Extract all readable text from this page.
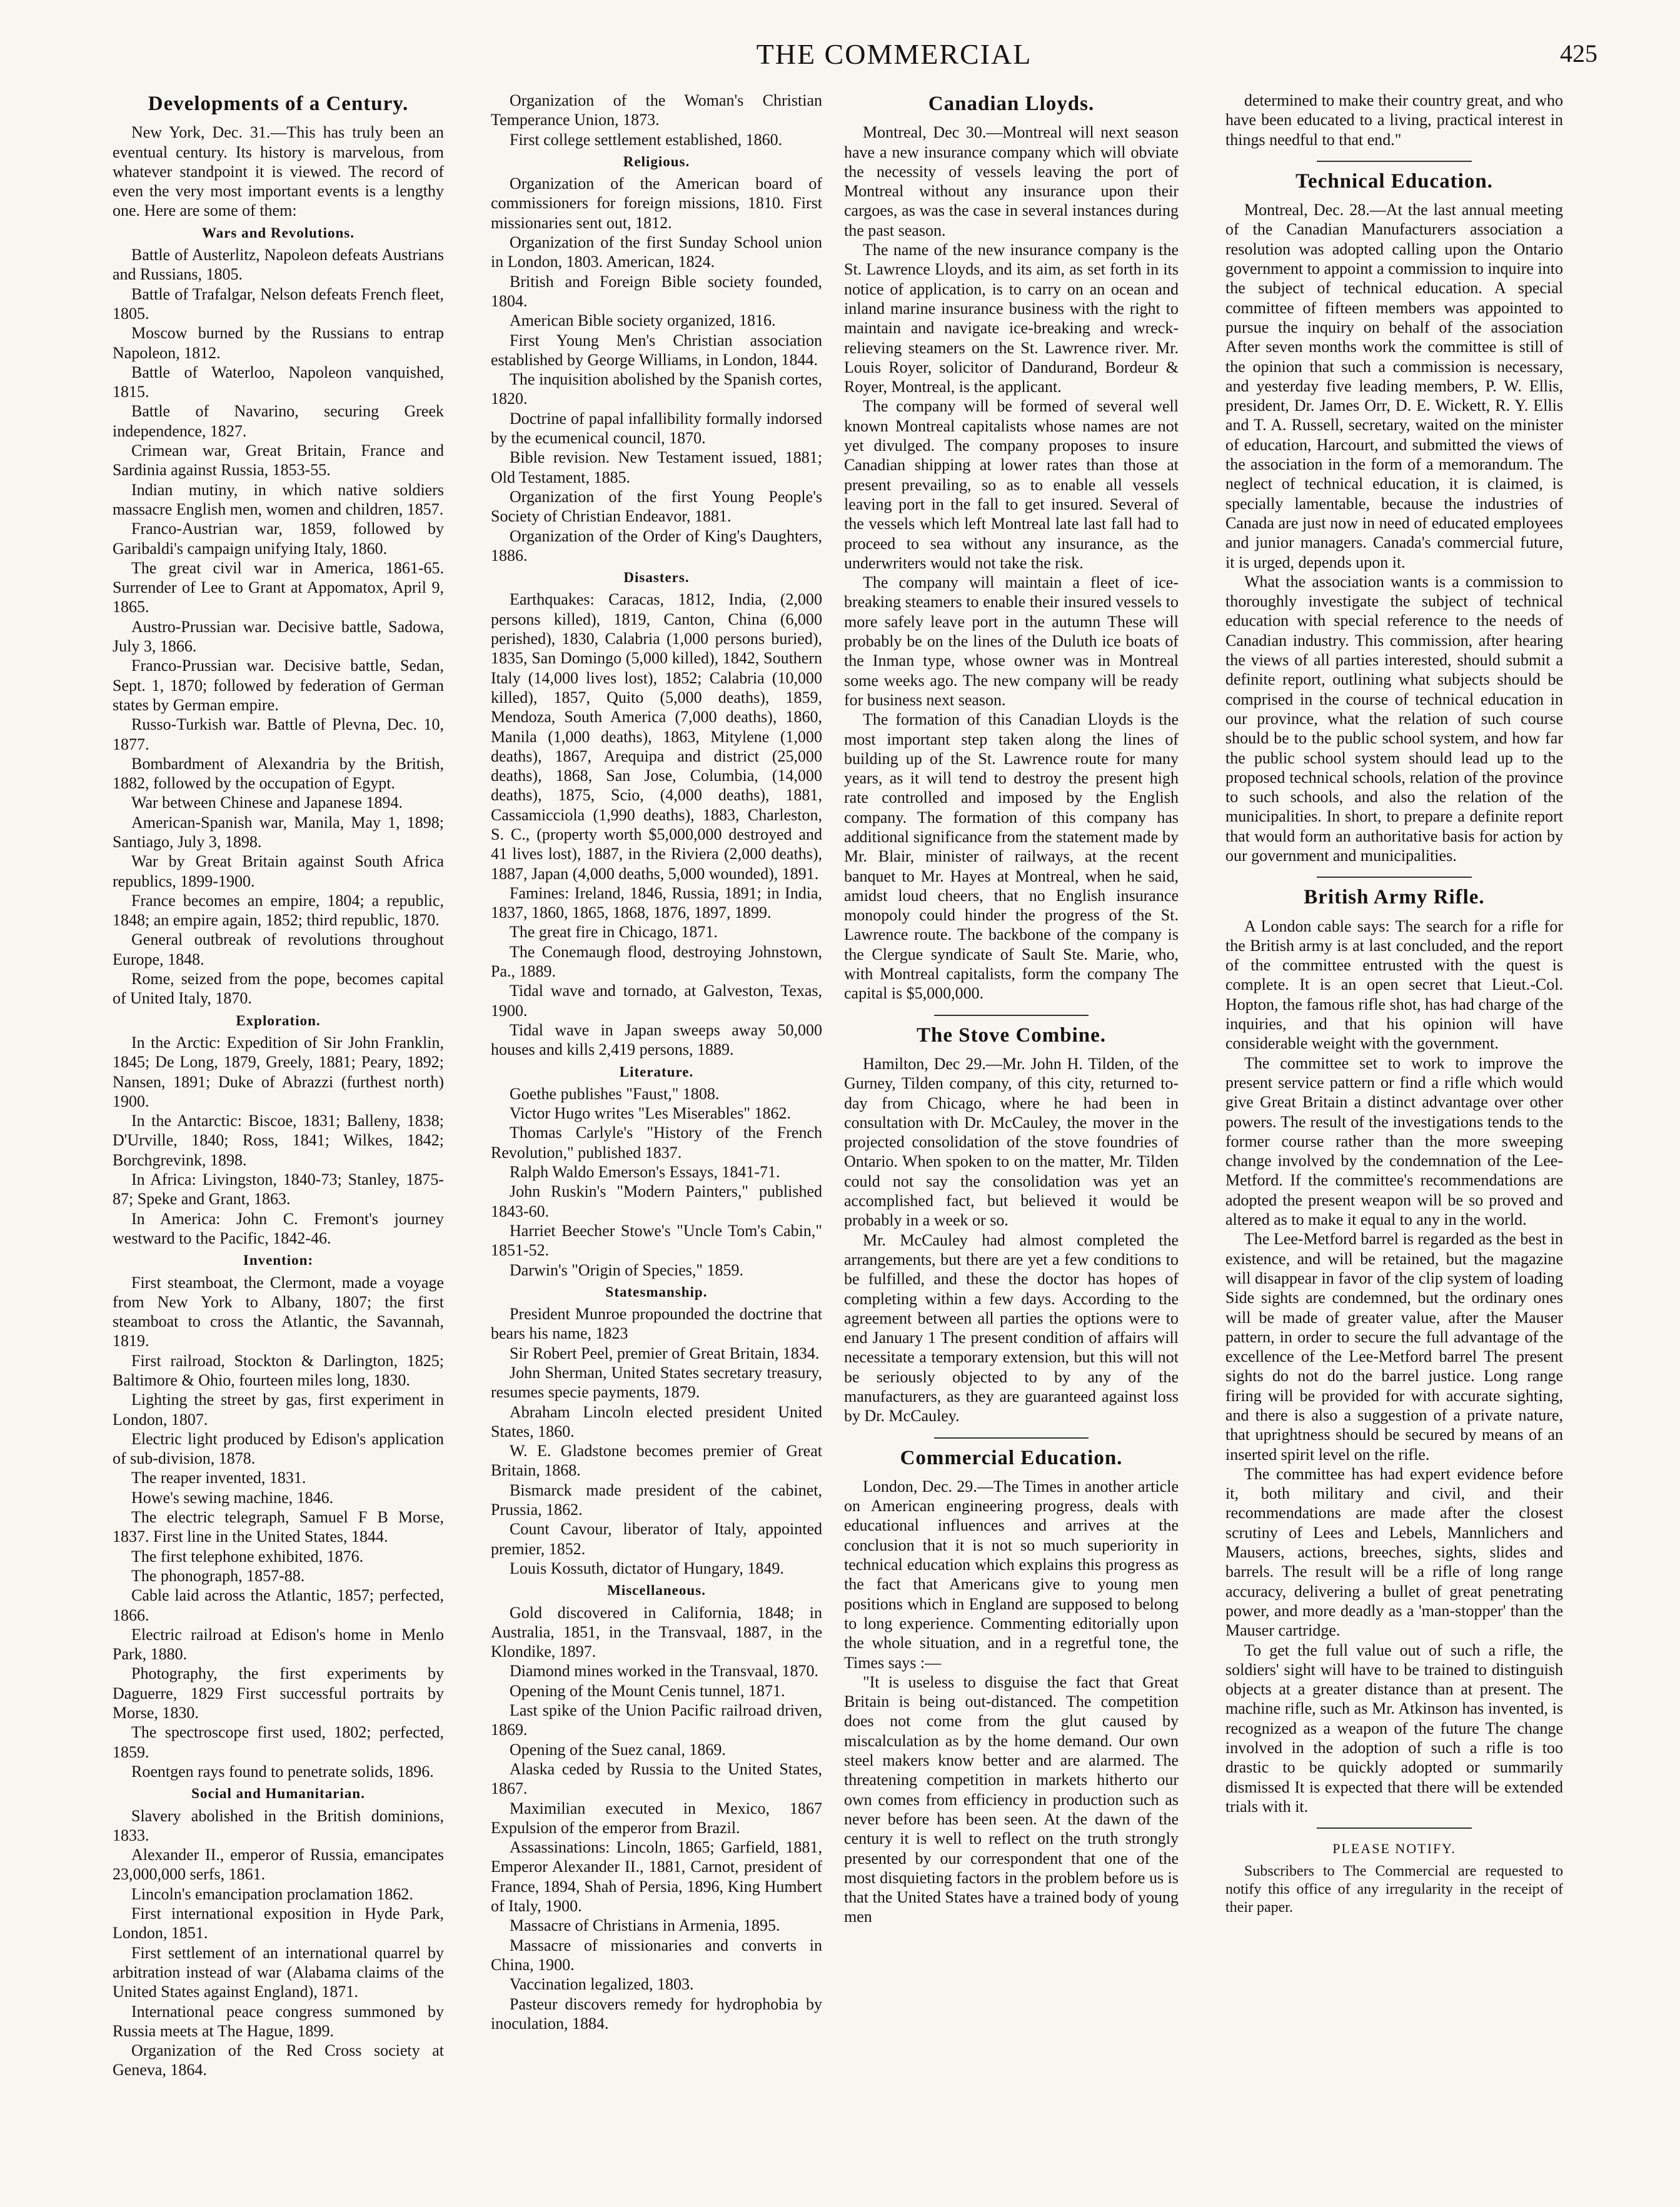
THE COMMERCIAL	425
Developments of a Century.

New York, Dec. 31.—This has truly been an eventual century. Its history is marvelous, from whatever standpoint it is viewed. The record of even the very most important events is a lengthy one. Here are some of them:

Wars and Revolutions.

Battle of Austerlitz, Napoleon defeats Austrians and Russians, 1805.

Battle of Trafalgar, Nelson defeats French fleet, 1805.

Moscow burned by the Russians to entrap Napoleon, 1812.

Battle of Waterloo, Napoleon vanquished, 1815.

Battle of Navarino, securing Greek independence, 1827.

Crimean war, Great Britain, France and Sardinia against Russia, 1853-55.

Indian mutiny, in which native soldiers massacre English men, women and children, 1857.

Franco-Austrian war, 1859, followed by Garibaldi's campaign unifying Italy, 1860.

The great civil war in America, 1861-65. Surrender of Lee to Grant at Appomatox, April 9, 1865.

Austro-Prussian war. Decisive battle, Sadowa, July 3, 1866.

Franco-Prussian war. Decisive battle, Sedan, Sept. 1, 1870; followed by federation of German states by German empire.

Russo-Turkish war. Battle of Plevna, Dec. 10, 1877.

Bombardment of Alexandria by the British, 1882, followed by the occupation of Egypt.

War between Chinese and Japanese 1894.

American-Spanish war, Manila, May 1, 1898; Santiago, July 3, 1898.

War by Great Britain against South Africa republics, 1899-1900.

France becomes an empire, 1804; a republic, 1848; an empire again, 1852; third republic, 1870.

General outbreak of revolutions throughout Europe, 1848.

Rome, seized from the pope, becomes capital of United Italy, 1870.

Exploration.

In the Arctic: Expedition of Sir John Franklin, 1845; De Long, 1879, Greely, 1881; Peary, 1892; Nansen, 1891; Duke of Abrazzi (furthest north) 1900.

In the Antarctic: Biscoe, 1831; Balleny, 1838; D'Urville, 1840; Ross, 1841; Wilkes, 1842; Borchgrevink, 1898.

In Africa: Livingston, 1840-73; Stanley, 1875-87; Speke and Grant, 1863.

In America: John C. Fremont's journey westward to the Pacific, 1842-46.

Invention:

First steamboat, the Clermont, made a voyage from New York to Albany, 1807; the first steamboat to cross the Atlantic, the Savannah, 1819.

First railroad, Stockton & Darlington, 1825; Baltimore & Ohio, fourteen miles long, 1830.

Lighting the street by gas, first experiment in London, 1807.

Electric light produced by Edison's application of sub-division, 1878.

The reaper invented, 1831.

Howe's sewing machine, 1846.

The electric telegraph, Samuel F B Morse, 1837. First line in the United States, 1844.

The first telephone exhibited, 1876.

The phonograph, 1857-88.

Cable laid across the Atlantic, 1857; perfected, 1866.

Electric railroad at Edison's home in Menlo Park, 1880.

Photography, the first experiments by Daguerre, 1829 First successful portraits by Morse, 1830.

The spectroscope first used, 1802; perfected, 1859.

Roentgen rays found to penetrate solids, 1896.

Social and Humanitarian.

Slavery abolished in the British dominions, 1833.

Alexander II., emperor of Russia, emancipates 23,000,000 serfs, 1861.

Lincoln's emancipation proclamation 1862.

First international exposition in Hyde Park, London, 1851.

First settlement of an international quarrel by arbitration instead of war (Alabama claims of the United States against England), 1871.

International peace congress summoned by Russia meets at The Hague, 1899.

Organization of the Red Cross society at Geneva, 1864.

Organization of the Woman's Christian Temperance Union, 1873.

First college settlement established, 1860.

Religious.

Organization of the American board of commissioners for foreign missions, 1810. First missionaries sent out, 1812.

Organization of the first Sunday School union in London, 1803. American, 1824.

British and Foreign Bible society founded, 1804.

American Bible society organized, 1816.

First Young Men's Christian association established by George Williams, in London, 1844.

The inquisition abolished by the Spanish cortes, 1820.

Doctrine of papal infallibility formally indorsed by the ecumenical council, 1870.

Bible revision. New Testament issued, 1881; Old Testament, 1885.

Organization of the first Young People's Society of Christian Endeavor, 1881.

Organization of the Order of King's Daughters, 1886.

Disasters.

Earthquakes: Caracas, 1812, India, (2,000 persons killed), 1819, Canton, China (6,000 perished), 1830, Calabria (1,000 persons buried), 1835, San Domingo (5,000 killed), 1842, Southern Italy (14,000 lives lost), 1852; Calabria (10,000 killed), 1857, Quito (5,000 deaths), 1859, Mendoza, South America (7,000 deaths), 1860, Manila (1,000 deaths), 1863, Mitylene (1,000 deaths), 1867, Arequipa and district (25,000 deaths), 1868, San Jose, Columbia, (14,000 deaths), 1875, Scio, (4,000 deaths), 1881, Cassamicciola (1,990 deaths), 1883, Charleston, S. C., (property worth $5,000,000 destroyed and 41 lives lost), 1887, in the Riviera (2,000 deaths), 1887, Japan (4,000 deaths, 5,000 wounded), 1891.

Famines: Ireland, 1846, Russia, 1891; in India, 1837, 1860, 1865, 1868, 1876, 1897, 1899.

The great fire in Chicago, 1871.

The Conemaugh flood, destroying Johnstown, Pa., 1889.

Tidal wave and tornado, at Galveston, Texas, 1900.

Tidal wave in Japan sweeps away 50,000 houses and kills 2,419 persons, 1889.

Literature.

Goethe publishes "Faust," 1808.

Victor Hugo writes "Les Miserables" 1862.

Thomas Carlyle's "History of the French Revolution," published 1837.

Ralph Waldo Emerson's Essays, 1841-71.

John Ruskin's "Modern Painters," published 1843-60.

Harriet Beecher Stowe's "Uncle Tom's Cabin," 1851-52.

Darwin's "Origin of Species," 1859.

Statesmanship.

President Munroe propounded the doctrine that bears his name, 1823

Sir Robert Peel, premier of Great Britain, 1834.

John Sherman, United States secretary treasury, resumes specie payments, 1879.

Abraham Lincoln elected president United States, 1860.

W. E. Gladstone becomes premier of Great Britain, 1868.

Bismarck made president of the cabinet, Prussia, 1862.

Count Cavour, liberator of Italy, appointed premier, 1852.

Louis Kossuth, dictator of Hungary, 1849.

Miscellaneous.

Gold discovered in California, 1848; in Australia, 1851, in the Transvaal, 1887, in the Klondike, 1897.

Diamond mines worked in the Transvaal, 1870.

Opening of the Mount Cenis tunnel, 1871.

Last spike of the Union Pacific railroad driven, 1869.

Opening of the Suez canal, 1869.

Alaska ceded by Russia to the United States, 1867.

Maximilian executed in Mexico, 1867 Expulsion of the emperor from Brazil.

Assassinations: Lincoln, 1865; Garfield, 1881, Emperor Alexander II., 1881, Carnot, president of France, 1894, Shah of Persia, 1896, King Humbert of Italy, 1900.

Massacre of Christians in Armenia, 1895.

Massacre of missionaries and converts in China, 1900.

Vaccination legalized, 1803.

Pasteur discovers remedy for hydrophobia by inoculation, 1884.

Canadian Lloyds.

Montreal, Dec 30.—Montreal will next season have a new insurance company which will obviate the necessity of vessels leaving the port of Montreal without any insurance upon their cargoes, as was the case in several instances during the past season.

The name of the new insurance company is the St. Lawrence Lloyds, and its aim, as set forth in its notice of application, is to carry on an ocean and inland marine insurance business with the right to maintain and navigate ice-breaking and wreck-relieving steamers on the St. Lawrence river. Mr. Louis Royer, solicitor of Dandurand, Bordeur & Royer, Montreal, is the applicant.

The company will be formed of several well known Montreal capitalists whose names are not yet divulged. The company proposes to insure Canadian shipping at lower rates than those at present prevailing, so as to enable all vessels leaving port in the fall to get insured. Several of the vessels which left Montreal late last fall had to proceed to sea without any insurance, as the underwriters would not take the risk.

The company will maintain a fleet of ice-breaking steamers to enable their insured vessels to more safely leave port in the autumn These will probably be on the lines of the Duluth ice boats of the Inman type, whose owner was in Montreal some weeks ago. The new company will be ready for business next season.

The formation of this Canadian Lloyds is the most important step taken along the lines of building up of the St. Lawrence route for many years, as it will tend to destroy the present high rate controlled and imposed by the English company. The formation of this company has additional significance from the statement made by Mr. Blair, minister of railways, at the recent banquet to Mr. Hayes at Montreal, when he said, amidst loud cheers, that no English insurance monopoly could hinder the progress of the St. Lawrence route. The backbone of the company is the Clergue syndicate of Sault Ste. Marie, who, with Montreal capitalists, form the company The capital is $5,000,000.

The Stove Combine.

Hamilton, Dec 29.—Mr. John H. Tilden, of the Gurney, Tilden company, of this city, returned to-day from Chicago, where he had been in consultation with Dr. McCauley, the mover in the projected consolidation of the stove foundries of Ontario. When spoken to on the matter, Mr. Tilden could not say the consolidation was yet an accomplished fact, but believed it would be probably in a week or so.

Mr. McCauley had almost completed the arrangements, but there are yet a few conditions to be fulfilled, and these the doctor has hopes of completing within a few days. According to the agreement between all parties the options were to end January 1 The present condition of affairs will necessitate a temporary extension, but this will not be seriously objected to by any of the manufacturers, as they are guaranteed against loss by Dr. McCauley.

Commercial Education.

London, Dec. 29.—The Times in another article on American engineering progress, deals with educational influences and arrives at the conclusion that it is not so much superiority in technical education which explains this progress as the fact that Americans give to young men positions which in England are supposed to belong to long experience. Commenting editorially upon the whole situation, and in a regretful tone, the Times says :—

"It is useless to disguise the fact that Great Britain is being out-distanced. The competition does not come from the glut caused by miscalculation as by the home demand. Our own steel makers know better and are alarmed. The threatening competition in markets hitherto our own comes from efficiency in production such as never before has been seen. At the dawn of the century it is well to reflect on the truth strongly presented by our correspondent that one of the most disquieting factors in the problem before us is that the United States have a trained body of young men

determined to make their country great, and who have been educated to a living, practical interest in things needful to that end."

Technical Education.

Montreal, Dec. 28.—At the last annual meeting of the Canadian Manufacturers association a resolution was adopted calling upon the Ontario government to appoint a commission to inquire into the subject of technical education. A special committee of fifteen members was appointed to pursue the inquiry on behalf of the association After seven months work the committee is still of the opinion that such a commission is necessary, and yesterday five leading members, P. W. Ellis, president, Dr. James Orr, D. E. Wickett, R. Y. Ellis and T. A. Russell, secretary, waited on the minister of education, Harcourt, and submitted the views of the association in the form of a memorandum. The neglect of technical education, it is claimed, is specially lamentable, because the industries of Canada are just now in need of educated employees and junior managers. Canada's commercial future, it is urged, depends upon it.

What the association wants is a commission to thoroughly investigate the subject of technical education with special reference to the needs of Canadian industry. This commission, after hearing the views of all parties interested, should submit a definite report, outlining what subjects should be comprised in the course of technical education in our province, what the relation of such course should be to the public school system, and how far the public school system should lead up to the proposed technical schools, relation of the province to such schools, and also the relation of the municipalities. In short, to prepare a definite report that would form an authoritative basis for action by our government and municipalities.

British Army Rifle.

A London cable says: The search for a rifle for the British army is at last concluded, and the report of the committee entrusted with the quest is complete. It is an open secret that Lieut.-Col. Hopton, the famous rifle shot, has had charge of the inquiries, and that his opinion will have considerable weight with the government.

The committee set to work to improve the present service pattern or find a rifle which would give Great Britain a distinct advantage over other powers. The result of the investigations tends to the former course rather than the more sweeping change involved by the condemnation of the Lee-Metford. If the committee's recommendations are adopted the present weapon will be so proved and altered as to make it equal to any in the world.

The Lee-Metford barrel is regarded as the best in existence, and will be retained, but the magazine will disappear in favor of the clip system of loading Side sights are condemned, but the ordinary ones will be made of greater value, after the Mauser pattern, in order to secure the full advantage of the excellence of the Lee-Metford barrel The present sights do not do the barrel justice. Long range firing will be provided for with accurate sighting, and there is also a suggestion of a private nature, that uprightness should be secured by means of an inserted spirit level on the rifle.

The committee has had expert evidence before it, both military and civil, and their recommendations are made after the closest scrutiny of Lees and Lebels, Mannlichers and Mausers, actions, breeches, sights, slides and barrels. The result will be a rifle of long range accuracy, delivering a bullet of great penetrating power, and more deadly as a 'man-stopper' than the Mauser cartridge.

To get the full value out of such a rifle, the soldiers' sight will have to be trained to distinguish objects at a greater distance than at present. The machine rifle, such as Mr. Atkinson has invented, is recognized as a weapon of the future The change involved in the adoption of such a rifle is too drastic to be quickly adopted or summarily dismissed It is expected that there will be extended trials with it.

PLEASE NOTIFY.

Subscribers to The Commercial are requested to notify this office of any irregularity in the receipt of their paper.
